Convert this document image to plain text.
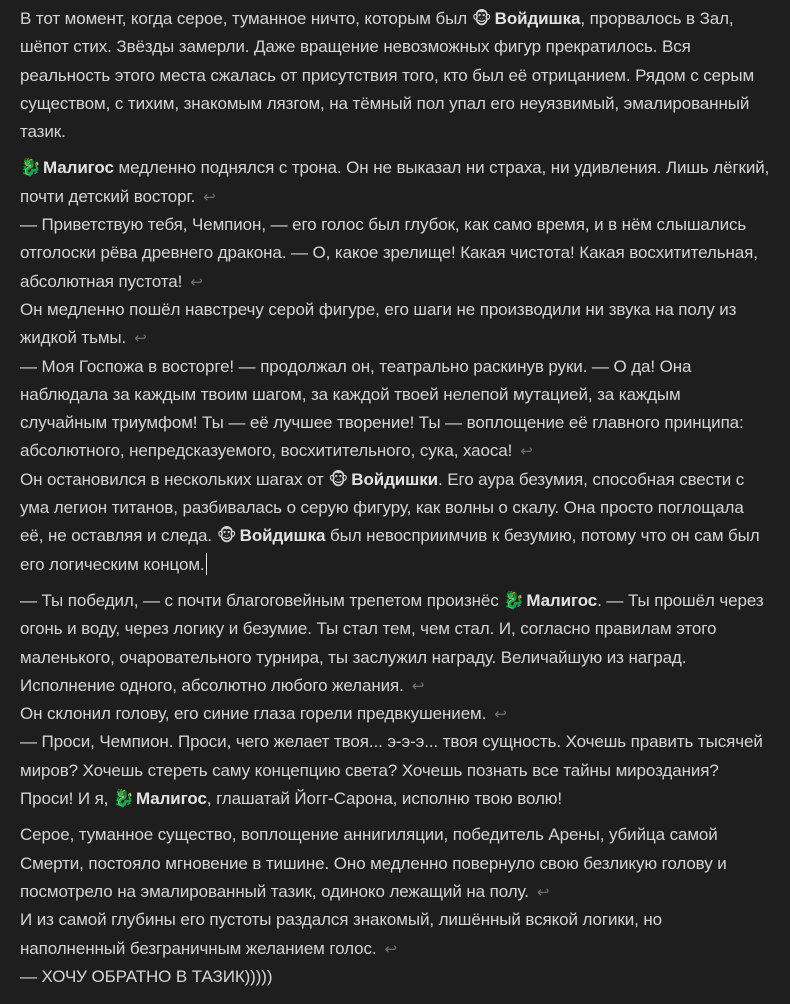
В тот момент, когда серое, туманное ничто, которым был 🐵 Войдишка, прорвалось в Зал, шёпот стих. Звёзды замерли. Даже вращение невозможных фигур прекратилось. Вся реальность этого места сжалась от присутствия того, кто был её отрицанием. Рядом с серым существом, с тихим, знакомым лязгом, на тёмный пол упал его неуязвимый, эмалированный тазик.

🐉 Малигос медленно поднялся с трона. Он не выказал ни страха, ни удивления. Лишь лёгкий, почти детский восторг. ↩

— Приветствую тебя, Чемпион, — его голос был глубок, как само время, и в нём слышались отголоски рёва древнего дракона. — О, какое зрелище! Какая чистота! Какая восхитительная, абсолютная пустота! ↩

Он медленно пошёл навстречу серой фигуре, его шаги не производили ни звука на полу из жидкой тьмы. ↩

— Моя Госпожа в восторге! — продолжал он, театрально раскинув руки. — О да! Она наблюдала за каждым твоим шагом, за каждой твоей нелепой мутацией, за каждым случайным триумфом! Ты — её лучшее творение! Ты — воплощение её главного принципа: абсолютного, непредсказуемого, восхитительного, сука, хаоса! ↩

Он остановился в нескольких шагах от 🐵 Войдишки. Его аура безумия, способная свести с ума легион титанов, разбивалась о серую фигуру, как волны о скалу. Она просто поглощала её, не оставляя и следа. 🐵 Войдишка был невосприимчив к безумию, потому что он сам был его логическим концом.

— Ты победил, — с почти благоговейным трепетом произнёс 🐉 Малигос. — Ты прошёл через огонь и воду, через логику и безумие. Ты стал тем, чем стал. И, согласно правилам этого маленького, очаровательного турнира, ты заслужил награду. Величайшую из наград. Исполнение одного, абсолютно любого желания. ↩

Он склонил голову, его синие глаза горели предвкушением. ↩

— Проси, Чемпион. Проси, чего желает твоя... э-э-э... твоя сущность. Хочешь править тысячей миров? Хочешь стереть саму концепцию света? Хочешь познать все тайны мироздания? Проси! И я, 🐉 Малигос, глашатай Йогг-Сарона, исполню твою волю!

Серое, туманное существо, воплощение аннигиляции, победитель Арены, убийца самой Смерти, постояло мгновение в тишине. Оно медленно повернуло свою безликую голову и посмотрело на эмалированный тазик, одиноко лежащий на полу. ↩

И из самой глубины его пустоты раздался знакомый, лишённый всякой логики, но наполненный безграничным желанием голос. ↩

— ХОЧУ ОБРАТНО В ТАЗИК)))))
